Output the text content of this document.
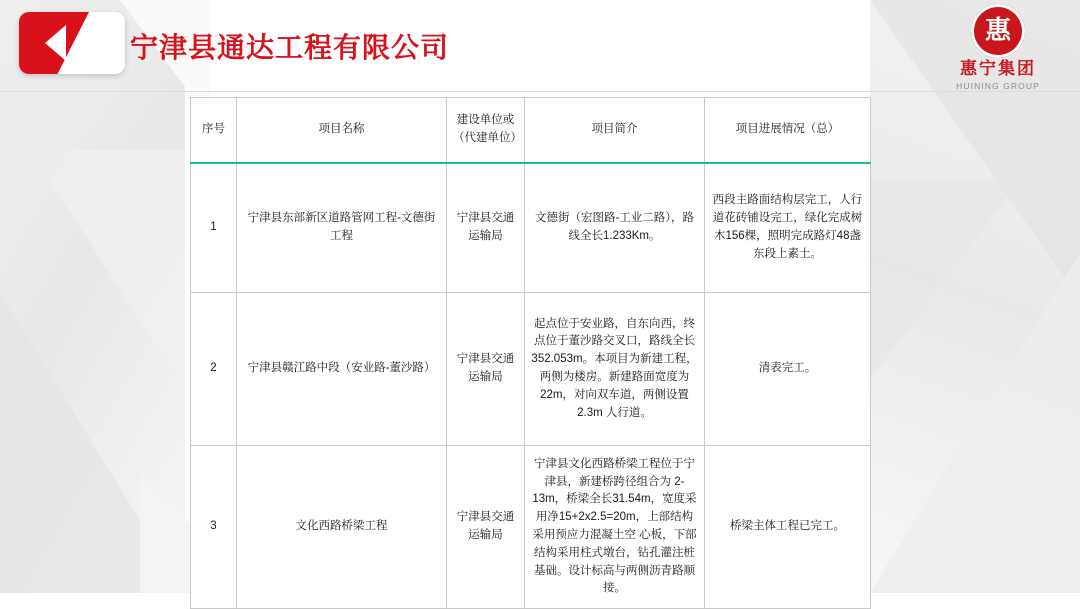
宁津县通达工程有限公司
惠
惠宁集团
HUINING GROUP
序号	项目名称	建设单位或（代建单位）	项目简介	项目进展情况（总）
1	宁津县东部新区道路管网工程-文德街工程	宁津县交通运输局	文德街（宏图路-工业二路），路线全长1.233Km。	西段主路面结构层完工，人行道花砖铺设完工，绿化完成树木156棵，照明完成路灯48盏东段上素土。
2	宁津县赣江路中段（安业路-董沙路）	宁津县交通运输局	起点位于安业路，自东向西，终点位于董沙路交叉口，路线全长 352.053m。本项目为新建工程，两侧为楼房。新建路面宽度为 22m，对向双车道，两侧设置 2.3m 人行道。	清表完工。
3	文化西路桥梁工程	宁津县交通运输局	宁津县文化西路桥梁工程位于宁津县，新建桥跨径组合为 2-13m，桥梁全长31.54m，宽度采用净15+2x2.5=20m，上部结构采用预应力混凝土空 心板，下部结构采用柱式墩台，钻孔灌注桩基础。设计标高与两侧沥青路顺接。	桥梁主体工程已完工。
